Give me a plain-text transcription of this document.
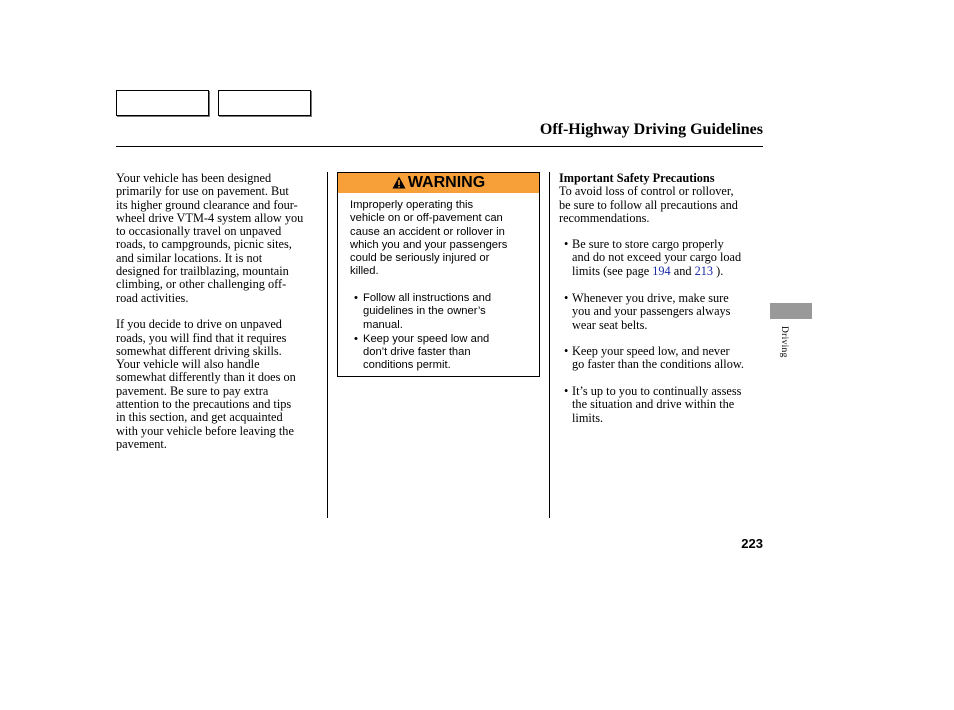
Off-Highway Driving Guidelines

Your vehicle has been designed

primarily for use on pavement. But

its higher ground clearance and four-

wheel drive VTM-4 system allow you

to occasionally travel on unpaved

roads, to campgrounds, picnic sites,

and similar locations. It is not

designed for trailblazing, mountain

climbing, or other challenging off-

road activities.

If you decide to drive on unpaved

roads, you will find that it requires

somewhat different driving skills.

Your vehicle will also handle

somewhat differently than it does on

pavement. Be sure to pay extra

attention to the precautions and tips

in this section, and get acquainted

with your vehicle before leaving the

pavement.

WARNING

Improperly operating this

vehicle on or off-pavement can

cause an accident or rollover in

which you and your passengers

could be seriously injured or

killed.

• Follow all instructions and

guidelines in the owner’s

manual.

• Keep your speed low and

don’t drive faster than

conditions permit.

Important Safety Precautions

To avoid loss of control or rollover,

be sure to follow all precautions and

recommendations.

• Be sure to store cargo properly

and do not exceed your cargo load

limits (see page 194 and 213 ).

• Whenever you drive, make sure

you and your passengers always

wear seat belts.

• Keep your speed low, and never

go faster than the conditions allow.

• It’s up to you to continually assess

the situation and drive within the

limits.

Driving
223
